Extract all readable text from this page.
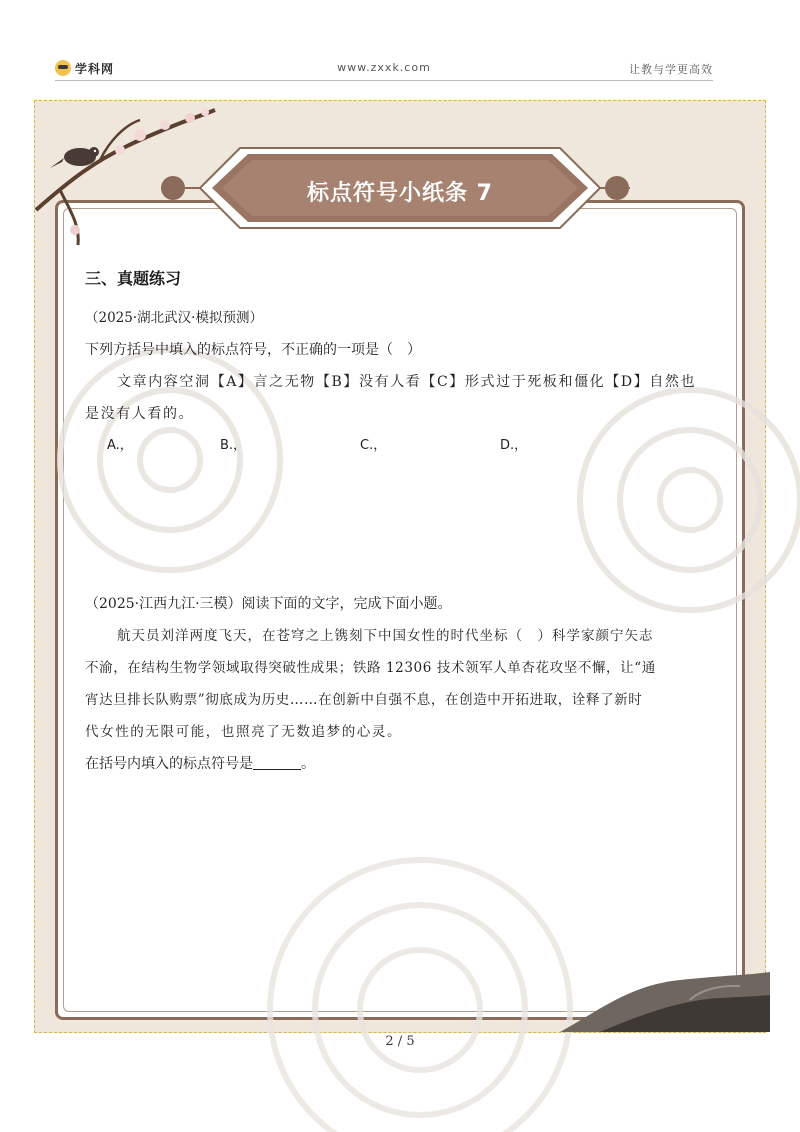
学科网	www.zxxk.com	让教与学更高效
标点符号小纸条 7
三、真题练习
（2025·湖北武汉·模拟预测）
下列方括号中填入的标点符号，不正确的一项是（　）
文章内容空洞【A】言之无物【B】没有人看【C】形式过于死板和僵化【D】自然也
是没有人看的。
A.，	B.，	C.，	D.，
（2025·江西九江·三模）阅读下面的文字，完成下面小题。
航天员刘洋两度飞天，在苍穹之上镌刻下中国女性的时代坐标（　）科学家颜宁矢志
不渝，在结构生物学领域取得突破性成果；铁路 12306 技术领军人单杏花攻坚不懈，让“通
宵达旦排长队购票”彻底成为历史……在创新中自强不息，在创造中开拓进取，诠释了新时
代女性的无限可能，也照亮了无数追梦的心灵。
在括号内填入的标点符号是	。
2 / 5
